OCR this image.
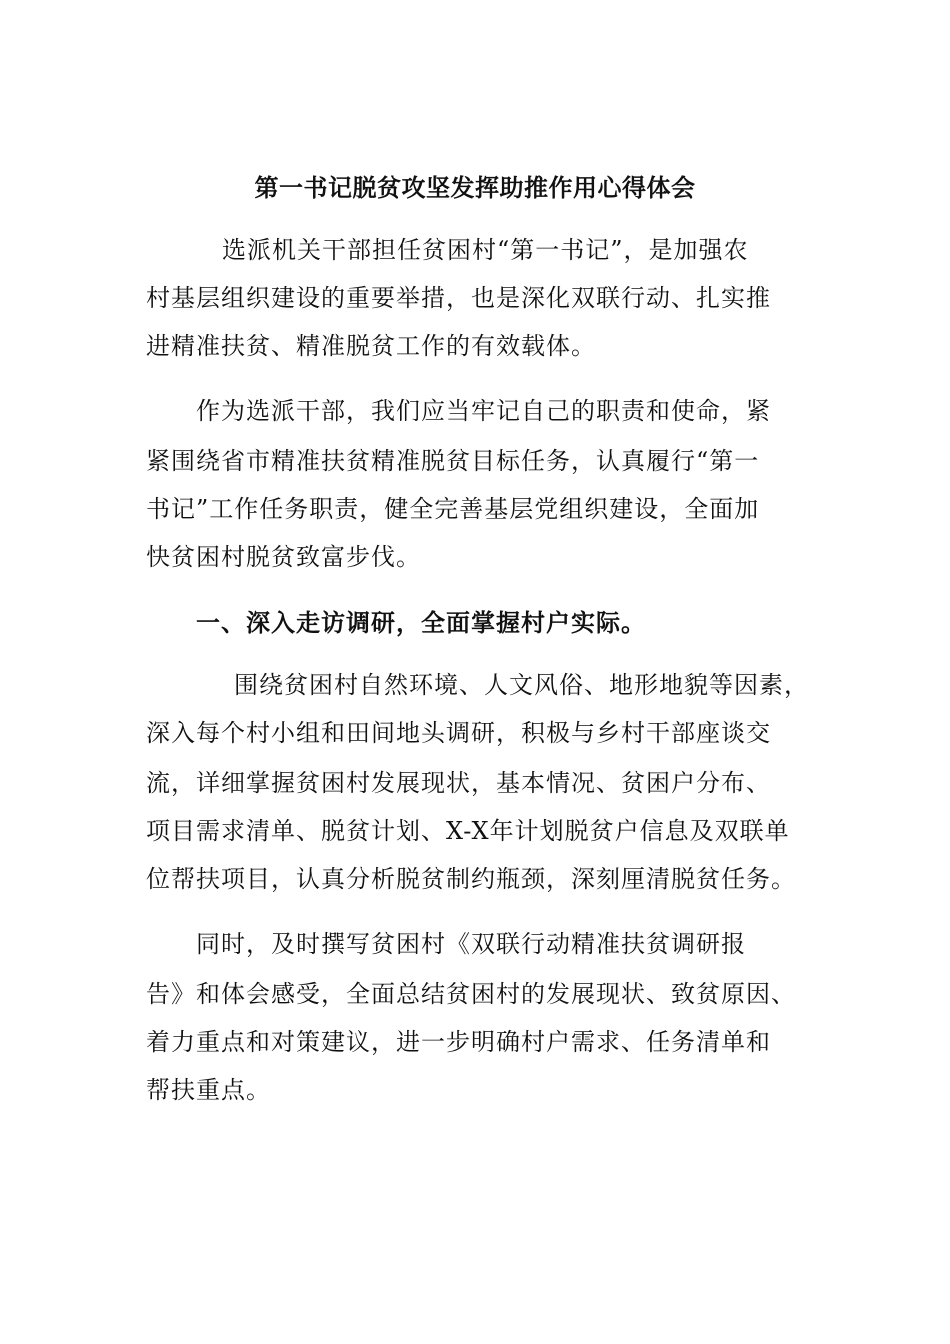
第一书记脱贫攻坚发挥助推作用心得体会
选派机关干部担任贫困村“第一书记”，是加强农
村基层组织建设的重要举措，也是深化双联行动、扎实推
进精准扶贫、精准脱贫工作的有效载体。
作为选派干部，我们应当牢记自己的职责和使命，紧
紧围绕省市精准扶贫精准脱贫目标任务，认真履行“第一
书记”工作任务职责，健全完善基层党组织建设，全面加
快贫困村脱贫致富步伐。
一、深入走访调研，全面掌握村户实际。
围绕贫困村自然环境、人文风俗、地形地貌等因素，
深入每个村小组和田间地头调研，积极与乡村干部座谈交
流，详细掌握贫困村发展现状，基本情况、贫困户分布、
项目需求清单、脱贫计划、X-X年计划脱贫户信息及双联单
位帮扶项目，认真分析脱贫制约瓶颈，深刻厘清脱贫任务。
同时，及时撰写贫困村《双联行动精准扶贫调研报
告》和体会感受，全面总结贫困村的发展现状、致贫原因、
着力重点和对策建议，进一步明确村户需求、任务清单和
帮扶重点。
